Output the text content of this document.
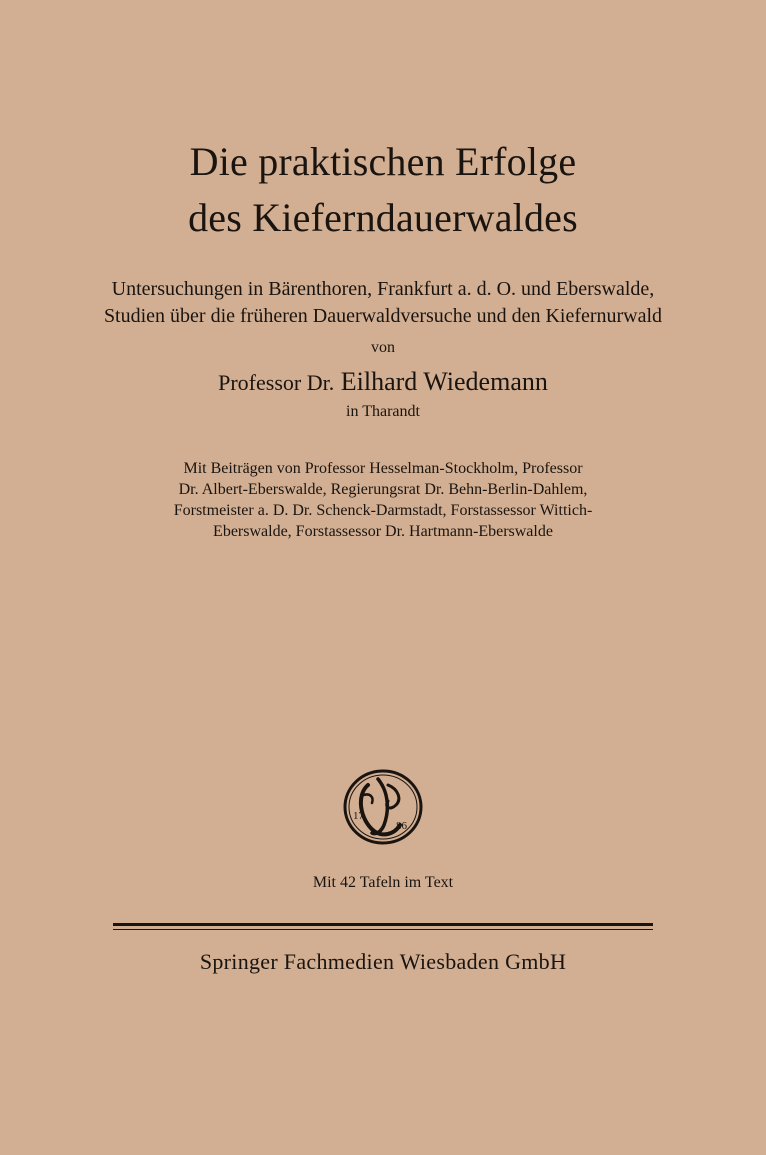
Die praktischen Erfolge
des Kieferndauerwaldes
Untersuchungen in Bärenthoren, Frankfurt a. d. O. und Eberswalde,
Studien über die früheren Dauerwaldversuche und den Kiefernurwald
von
Professor Dr. Eilhard Wiedemann
in Tharandt
Mit Beiträgen von Professor Hesselman-Stockholm, Professor
Dr. Albert-Eberswalde, Regierungsrat Dr. Behn-Berlin-Dahlem,
Forstmeister a. D. Dr. Schenck-Darmstadt, Forstassessor Wittich-
Eberswalde, Forstassessor Dr. Hartmann-Eberswalde
17
86
Mit 42 Tafeln im Text
Springer Fachmedien Wiesbaden GmbH
